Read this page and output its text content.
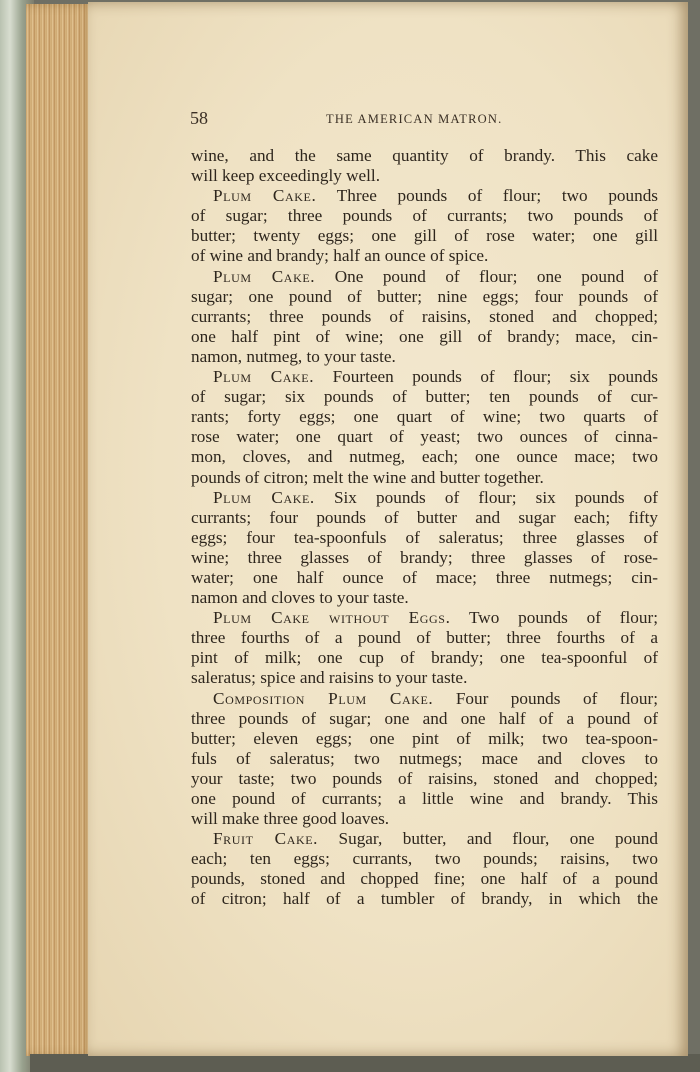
58	THE AMERICAN MATRON.
wine, and the same quantity of brandy. This cake
will keep exceedingly well.
Plum Cake. Three pounds of flour; two pounds
of sugar; three pounds of currants; two pounds of
butter; twenty eggs; one gill of rose water; one gill
of wine and brandy; half an ounce of spice.
Plum Cake. One pound of flour; one pound of
sugar; one pound of butter; nine eggs; four pounds of
currants; three pounds of raisins, stoned and chopped;
one half pint of wine; one gill of brandy; mace, cin-
namon, nutmeg, to your taste.
Plum Cake. Fourteen pounds of flour; six pounds
of sugar; six pounds of butter; ten pounds of cur-
rants; forty eggs; one quart of wine; two quarts of
rose water; one quart of yeast; two ounces of cinna-
mon, cloves, and nutmeg, each; one ounce mace; two
pounds of citron; melt the wine and butter together.
Plum Cake. Six pounds of flour; six pounds of
currants; four pounds of butter and sugar each; fifty
eggs; four tea-spoonfuls of saleratus; three glasses of
wine; three glasses of brandy; three glasses of rose-
water; one half ounce of mace; three nutmegs; cin-
namon and cloves to your taste.
Plum Cake without Eggs. Two pounds of flour;
three fourths of a pound of butter; three fourths of a
pint of milk; one cup of brandy; one tea-spoonful of
saleratus; spice and raisins to your taste.
Composition Plum Cake. Four pounds of flour;
three pounds of sugar; one and one half of a pound of
butter; eleven eggs; one pint of milk; two tea-spoon-
fuls of saleratus; two nutmegs; mace and cloves to
your taste; two pounds of raisins, stoned and chopped;
one pound of currants; a little wine and brandy. This
will make three good loaves.
Fruit Cake. Sugar, butter, and flour, one pound
each; ten eggs; currants, two pounds; raisins, two
pounds, stoned and chopped fine; one half of a pound
of citron; half of a tumbler of brandy, in which the
